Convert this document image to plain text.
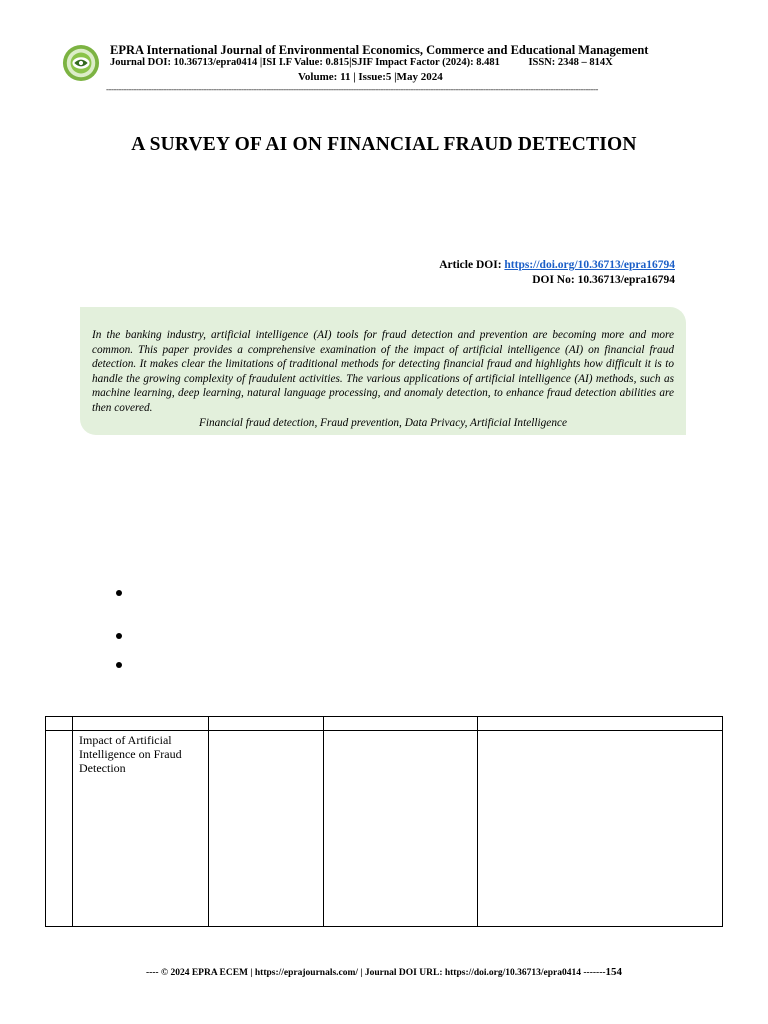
EPRA International Journal of Environmental Economics, Commerce and Educational Management
Journal DOI: 10.36713/epra0414 |ISI I.F Value: 0.815|SJIF Impact Factor (2024): 8.481	ISSN: 2348 – 814X
Volume: 11 | Issue:5 |May 2024
-----------------------------------------------------------------------------------------------------------------------------------------------------------------------------------------------------
A SURVEY OF AI ON FINANCIAL FRAUD DETECTION
Article DOI: https://doi.org/10.36713/epra16794
DOI No: 10.36713/epra16794
In the banking industry, artificial intelligence (AI) tools for fraud detection and prevention are becoming more and more common. This paper provides a comprehensive examination of the impact of artificial intelligence (AI) on financial fraud detection. It makes clear the limitations of traditional methods for detecting financial fraud and highlights how difficult it is to handle the growing complexity of fraudulent activities. The various applications of artificial intelligence (AI) methods, such as machine learning, deep learning, natural language processing, and anomaly detection, to enhance fraud detection abilities are then covered.
Financial fraud detection, Fraud prevention, Data Privacy, Artificial Intelligence

	Impact of Artificial Intelligence on Fraud Detection			
---- © 2024 EPRA ECEM | https://eprajournals.com/ | Journal DOI URL: https://doi.org/10.36713/epra0414 -------154
